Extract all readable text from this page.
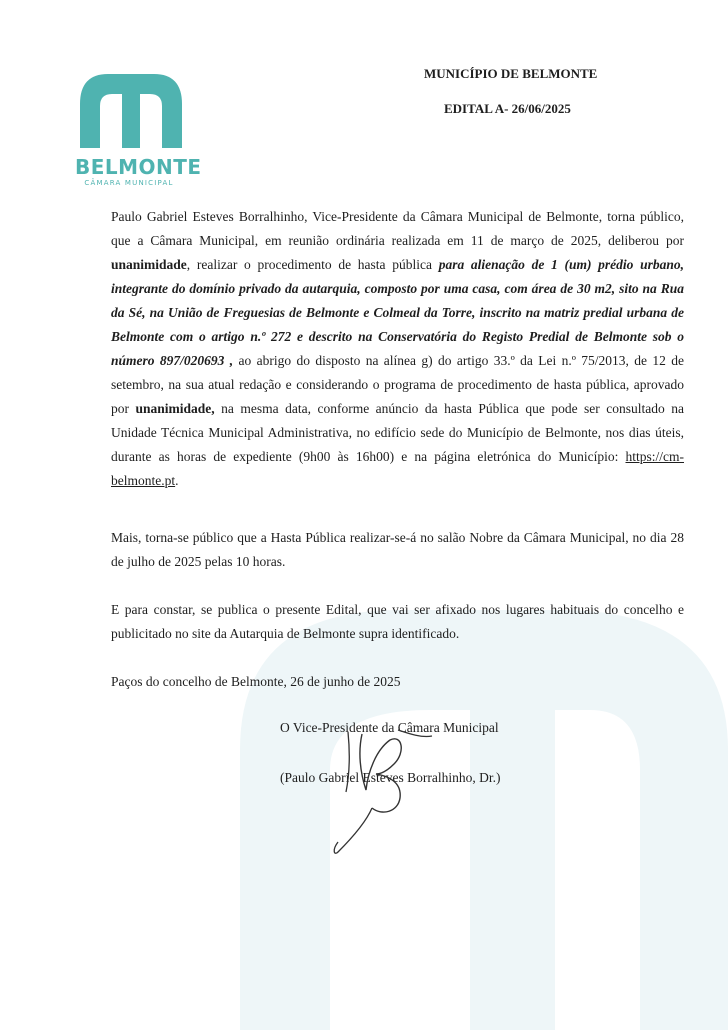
BELMONTE
CÂMARA MUNICIPAL
MUNICÍPIO DE BELMONTE
EDITAL A- 26/06/2025

Paulo Gabriel Esteves Borralhinho, Vice-Presidente da Câmara Municipal de Belmonte, torna público, que a Câmara Municipal, em reunião ordinária realizada em 11 de março de 2025, deliberou por unanimidade, realizar o procedimento de hasta pública para alienação de 1 (um) prédio urbano, integrante do domínio privado da autarquia, composto por uma casa, com área de 30 m2, sito na Rua da Sé, na União de Freguesias de Belmonte e Colmeal da Torre, inscrito na matriz predial urbana de Belmonte com o artigo n.º 272 e descrito na Conservatória do Registo Predial de Belmonte sob o número 897/020693 , ao abrigo do disposto na alínea g) do artigo 33.º da Lei n.º 75/2013, de 12 de setembro, na sua atual redação e considerando o programa de procedimento de hasta pública, aprovado por unanimidade, na mesma data, conforme anúncio da hasta Pública que pode ser consultado na Unidade Técnica Municipal Administrativa, no edifício sede do Município de Belmonte, nos dias úteis, durante as horas de expediente (9h00 às 16h00) e na página eletrónica do Município: https://cm-belmonte.pt.

Mais, torna-se público que a Hasta Pública realizar-se-á no salão Nobre da Câmara Municipal, no dia 28 de julho de 2025 pelas 10 horas.

E para constar, se publica o presente Edital, que vai ser afixado nos lugares habituais do concelho e publicitado no site da Autarquia de Belmonte supra identificado.

Paços do concelho de Belmonte, 26 de junho de 2025

O Vice-Presidente da Câmara Municipal
(Paulo Gabriel Esteves Borralhinho, Dr.)
